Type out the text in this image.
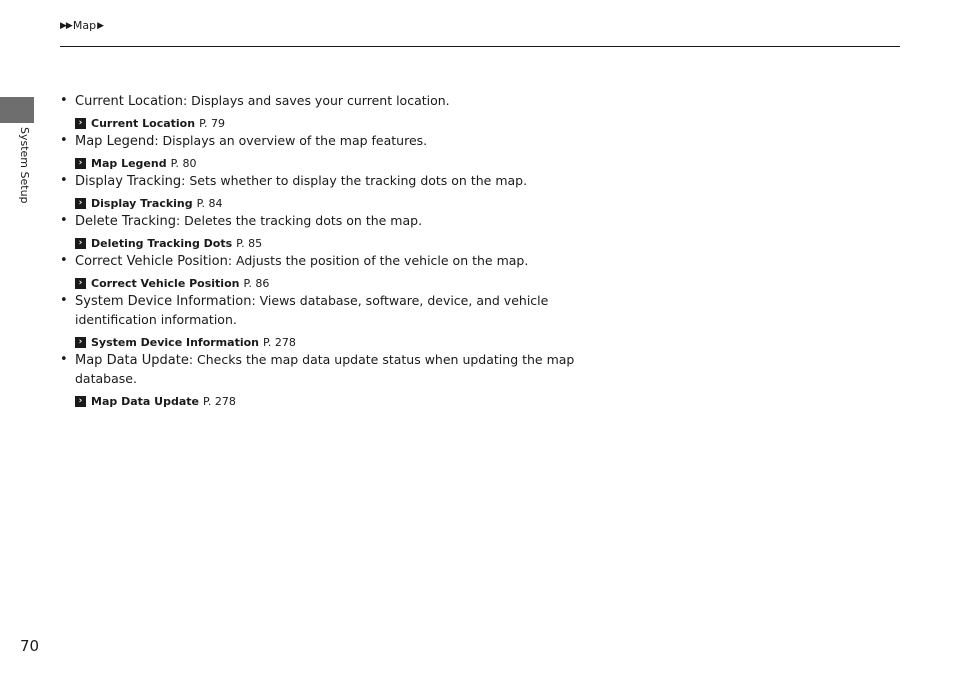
▶▶ Map ▶
System Setup
• Current Location: Displays and saves your current location.
› Current Location P. 79
• Map Legend: Displays an overview of the map features.
› Map Legend P. 80
• Display Tracking: Sets whether to display the tracking dots on the map.
› Display Tracking P. 84
• Delete Tracking: Deletes the tracking dots on the map.
› Deleting Tracking Dots P. 85
• Correct Vehicle Position: Adjusts the position of the vehicle on the map.
› Correct Vehicle Position P. 86
• System Device Information: Views database, software, device, and vehicle identification information.
› System Device Information P. 278
• Map Data Update: Checks the map data update status when updating the map database.
› Map Data Update P. 278
70
